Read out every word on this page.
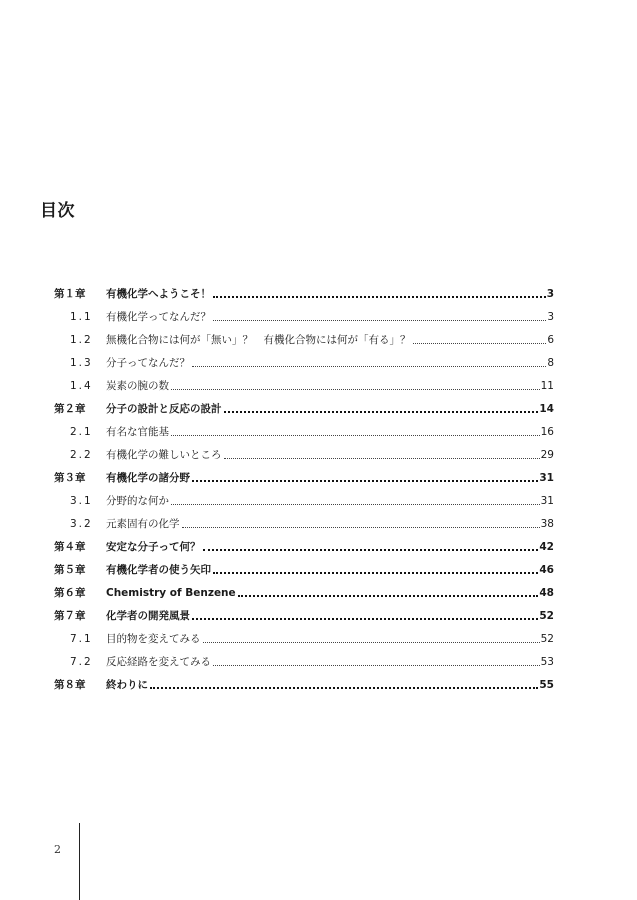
目次
第１章	有機化学へようこそ！	3
1.1	有機化学ってなんだ？	3
1.2	無機化合物には何が「無い」？　有機化合物には何が「有る」？	6
1.3	分子ってなんだ？	8
1.4	炭素の腕の数	11
第２章	分子の設計と反応の設計	14
2.1	有名な官能基	16
2.2	有機化学の難しいところ	29
第３章	有機化学の諸分野	31
3.1	分野的な何か	31
3.2	元素固有の化学	38
第４章	安定な分子って何？	42
第５章	有機化学者の使う矢印	46
第６章	Chemistry of Benzene	48
第７章	化学者の開発風景	52
7.1	目的物を変えてみる	52
7.2	反応経路を変えてみる	53
第８章	終わりに	55
2
